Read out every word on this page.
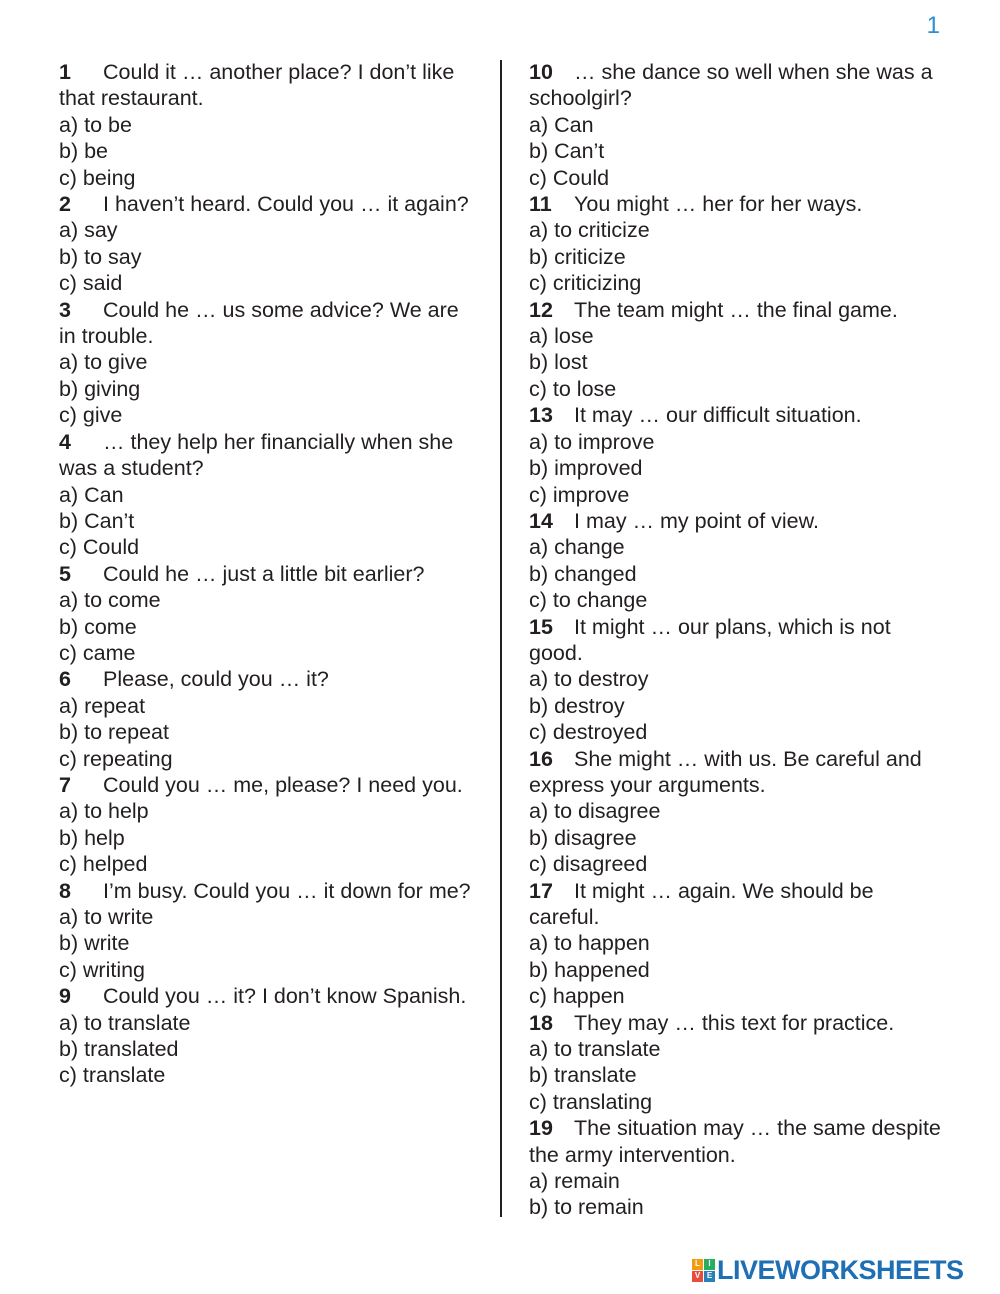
1

1 Could it … another place? I don’t like that restaurant.

a) to be
b) be
c) being

2 I haven’t heard. Could you … it again?

a) say
b) to say
c) said

3 Could he … us some advice? We are in trouble.

a) to give
b) giving
c) give

4 … they help her financially when she was a student?

a) Can
b) Can’t
c) Could

5 Could he … just a little bit earlier?

a) to come
b) come
c) came

6 Please, could you … it?

a) repeat
b) to repeat
c) repeating

7 Could you … me, please? I need you.

a) to help
b) help
c) helped

8 I’m busy. Could you … it down for me?

a) to write
b) write
c) writing

9 Could you … it? I don’t know Spanish.

a) to translate
b) translated
c) translate

10 … she dance so well when she was a schoolgirl?

a) Can
b) Can’t
c) Could

11 You might … her for her ways.

a) to criticize
b) criticize
c) criticizing

12 The team might … the final game.

a) lose
b) lost
c) to lose

13 It may … our difficult situation.

a) to improve
b) improved
c) improve

14 I may … my point of view.

a) change
b) changed
c) to change

15 It might … our plans, which is not good.

a) to destroy
b) destroy
c) destroyed

16 She might … with us. Be careful and express your arguments.

a) to disagree
b) disagree
c) disagreed

17 It might … again. We should be careful.

a) to happen
b) happened
c) happen

18 They may … this text for practice.

a) to translate
b) translate
c) translating

19 The situation may … the same despite the army intervention.

a) remain
b) to remain
L	I
V E LIVEWORKSHEETS
